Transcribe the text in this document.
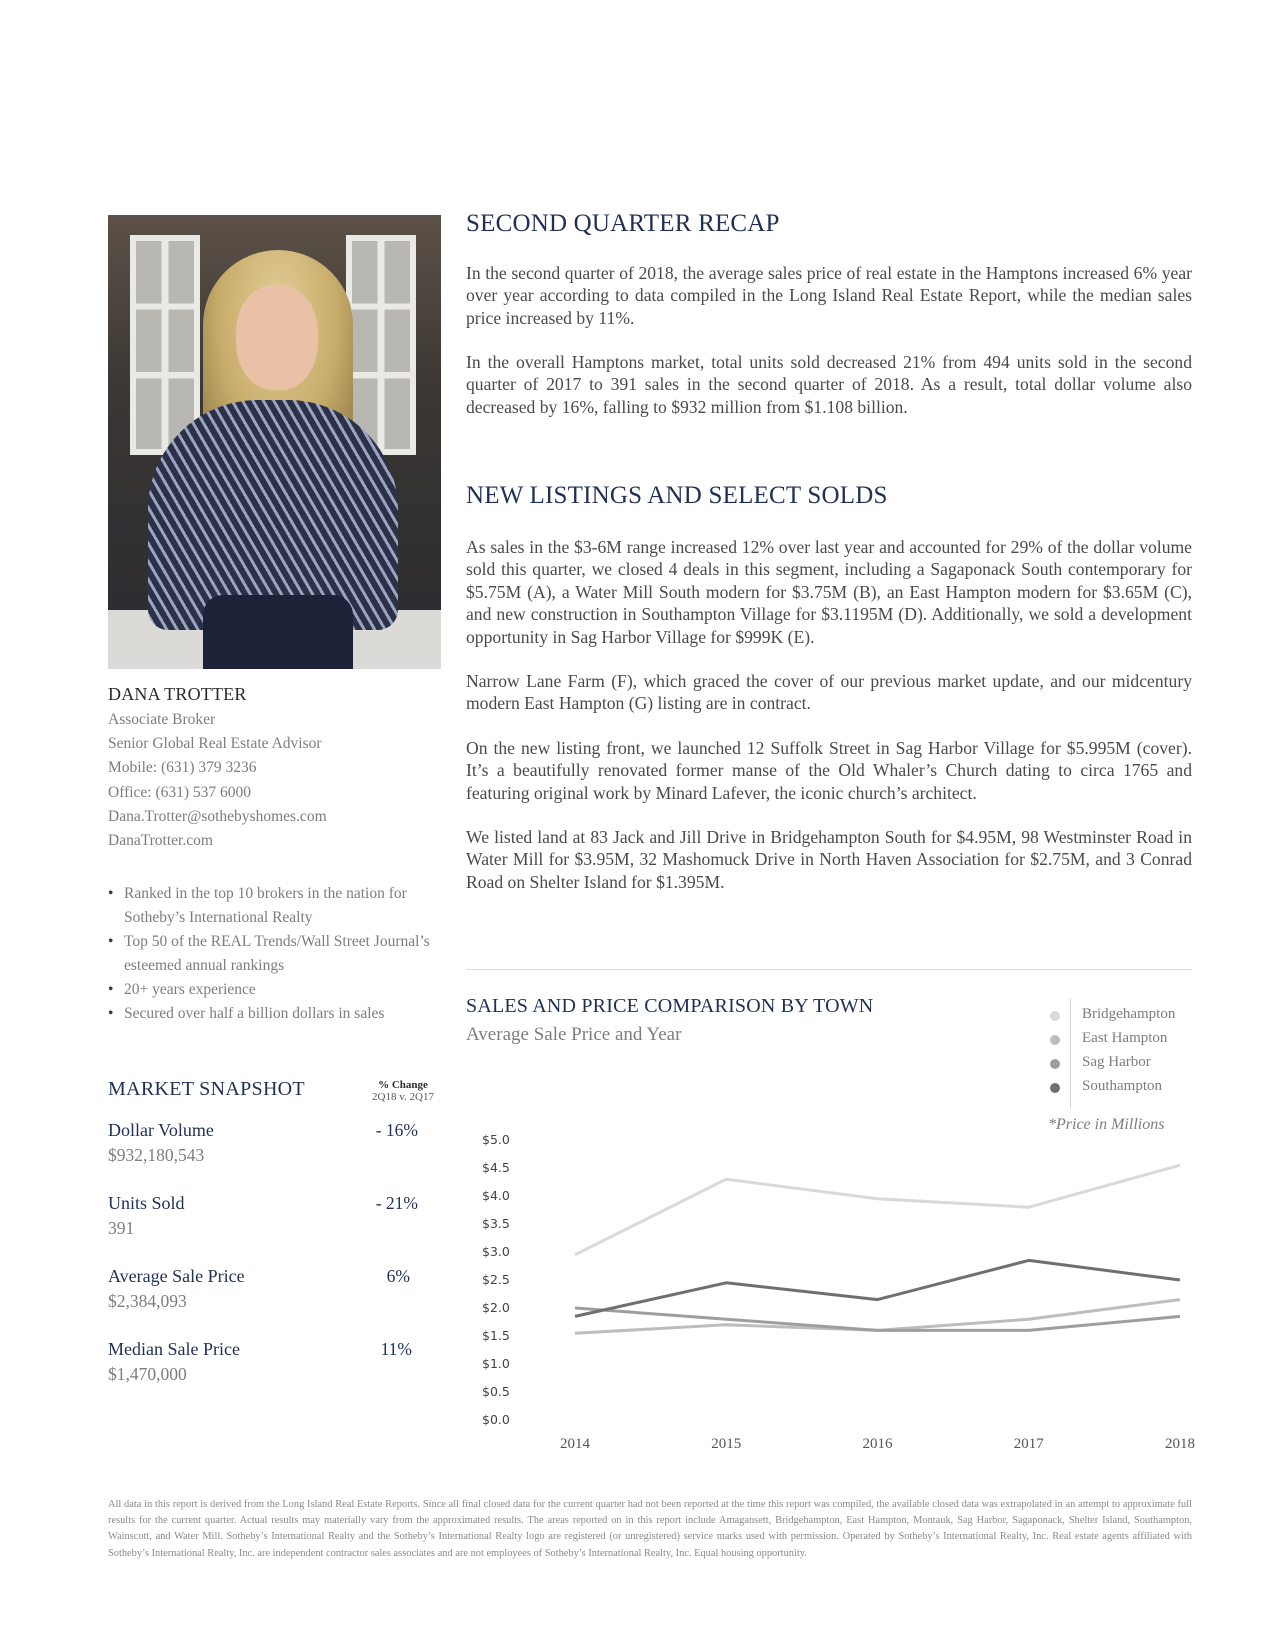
DANA TROTTER
Associate Broker
Senior Global Real Estate Advisor
Mobile: (631) 379 3236
Office: (631) 537 6000
Dana.Trotter@sothebyshomes.com
DanaTrotter.com
• Ranked in the top 10 brokers in the nation for Sotheby’s International Realty
• Top 50 of the REAL Trends/Wall Street Journal’s esteemed annual rankings
• 20+ years experience
• Secured over half a billion dollars in sales
MARKET SNAPSHOT	% Change
2Q18 v. 2Q17
Dollar Volume
$932,180,543
- 16%
Units Sold
391
- 21%
Average Sale Price
$2,384,093
6%
Median Sale Price
$1,470,000
11%
SECOND QUARTER RECAP

In the second quarter of 2018, the average sales price of real estate in the Hamptons increased 6% year over year according to data compiled in the Long Island Real Estate Report, while the median sales price increased by 11%.

In the overall Hamptons market, total units sold decreased 21% from 494 units sold in the second quarter of 2017 to 391 sales in the second quarter of 2018. As a result, total dollar volume also decreased by 16%, falling to $932 million from $1.108 billion.

NEW LISTINGS AND SELECT SOLDS

As sales in the $3-6M range increased 12% over last year and accounted for 29% of the dollar volume sold this quarter, we closed 4 deals in this segment, including a Sagaponack South contemporary for $5.75M (A), a Water Mill South modern for $3.75M (B), an East Hampton modern for $3.65M (C), and new construction in Southampton Village for $3.1195M (D). Additionally, we sold a development opportunity in Sag Harbor Village for $999K (E).

Narrow Lane Farm (F), which graced the cover of our previous market update, and our midcentury modern East Hampton (G) listing are in contract.

On the new listing front, we launched 12 Suffolk Street in Sag Harbor Village for $5.995M (cover). It’s a beautifully renovated former manse of the Old Whaler’s Church dating to circa 1765 and featuring original work by Minard Lafever, the iconic church’s architect.

We listed land at 83 Jack and Jill Drive in Bridgehampton South for $4.95M, 98 Westminster Road in Water Mill for $3.95M, 32 Mashomuck Drive in North Haven Association for $2.75M, and 3 Conrad Road on Shelter Island for $1.395M.

SALES AND PRICE COMPARISON BY TOWN
Average Sale Price and Year
Bridgehampton
East Hampton
Sag Harbor
Southampton
*Price in Millions
$0.0
$0.5
$1.0
$1.5
$2.0
$2.5
$3.0
$3.5
$4.0
$4.5
$5.0
2014	2015	2016	2017	2018

All data in this report is derived from the Long Island Real Estate Reports. Since all final closed data for the current quarter had not been reported at the time this report was compiled, the available closed data was extrapolated in an attempt to approximate full results for the current quarter. Actual results may materially vary from the approximated results. The areas reported on in this report include Amagansett, Bridgehampton, East Hampton, Montauk, Sag Harbor, Sagaponack, Shelter Island, Southampton, Wainscott, and Water Mill. Sotheby’s International Realty and the Sotheby’s International Realty logo are registered (or unregistered) service marks used with permission. Operated by Sotheby’s International Realty, Inc. Real estate agents affiliated with Sotheby’s International Realty, Inc. are independent contractor sales associates and are not employees of Sotheby’s International Realty, Inc. Equal housing opportunity.
